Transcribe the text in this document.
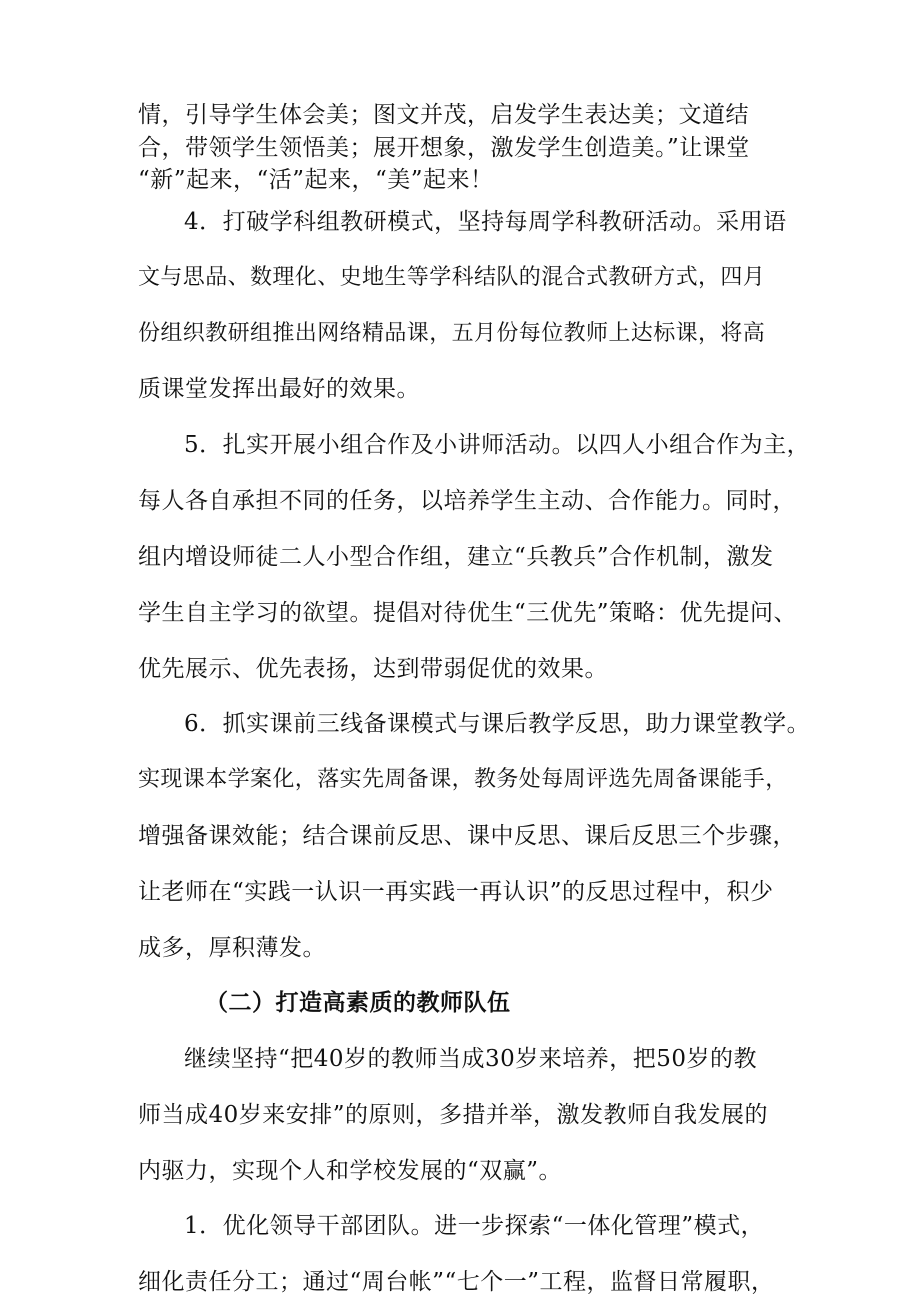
情，引导学生体会美；图文并茂，启发学生表达美；文道结
合，带领学生领悟美；展开想象，激发学生创造美。”让课堂
“新”起来，“活”起来，“美”起来！
4．打破学科组教研模式，坚持每周学科教研活动。采用语
文与思品、数理化、史地生等学科结队的混合式教研方式，四月
份组织教研组推出网络精品课，五月份每位教师上达标课，将高
质课堂发挥出最好的效果。
5．扎实开展小组合作及小讲师活动。以四人小组合作为主，
每人各自承担不同的任务，以培养学生主动、合作能力。同时，
组内增设师徒二人小型合作组，建立“兵教兵”合作机制，激发
学生自主学习的欲望。提倡对待优生“三优先”策略：优先提问、
优先展示、优先表扬，达到带弱促优的效果。
6．抓实课前三线备课模式与课后教学反思，助力课堂教学。
实现课本学案化，落实先周备课，教务处每周评选先周备课能手，
增强备课效能；结合课前反思、课中反思、课后反思三个步骤，
让老师在“实践一认识一再实践一再认识”的反思过程中，积少
成多，厚积薄发。
（二）打造高素质的教师队伍
继续坚持“把40岁的教师当成30岁来培养，把50岁的教
师当成40岁来安排”的原则，多措并举，激发教师自我发展的
内驱力，实现个人和学校发展的“双赢”。
1．优化领导干部团队。进一步探索“一体化管理”模式，
细化责任分工；通过“周台帐”“七个一”工程，监督日常履职，
